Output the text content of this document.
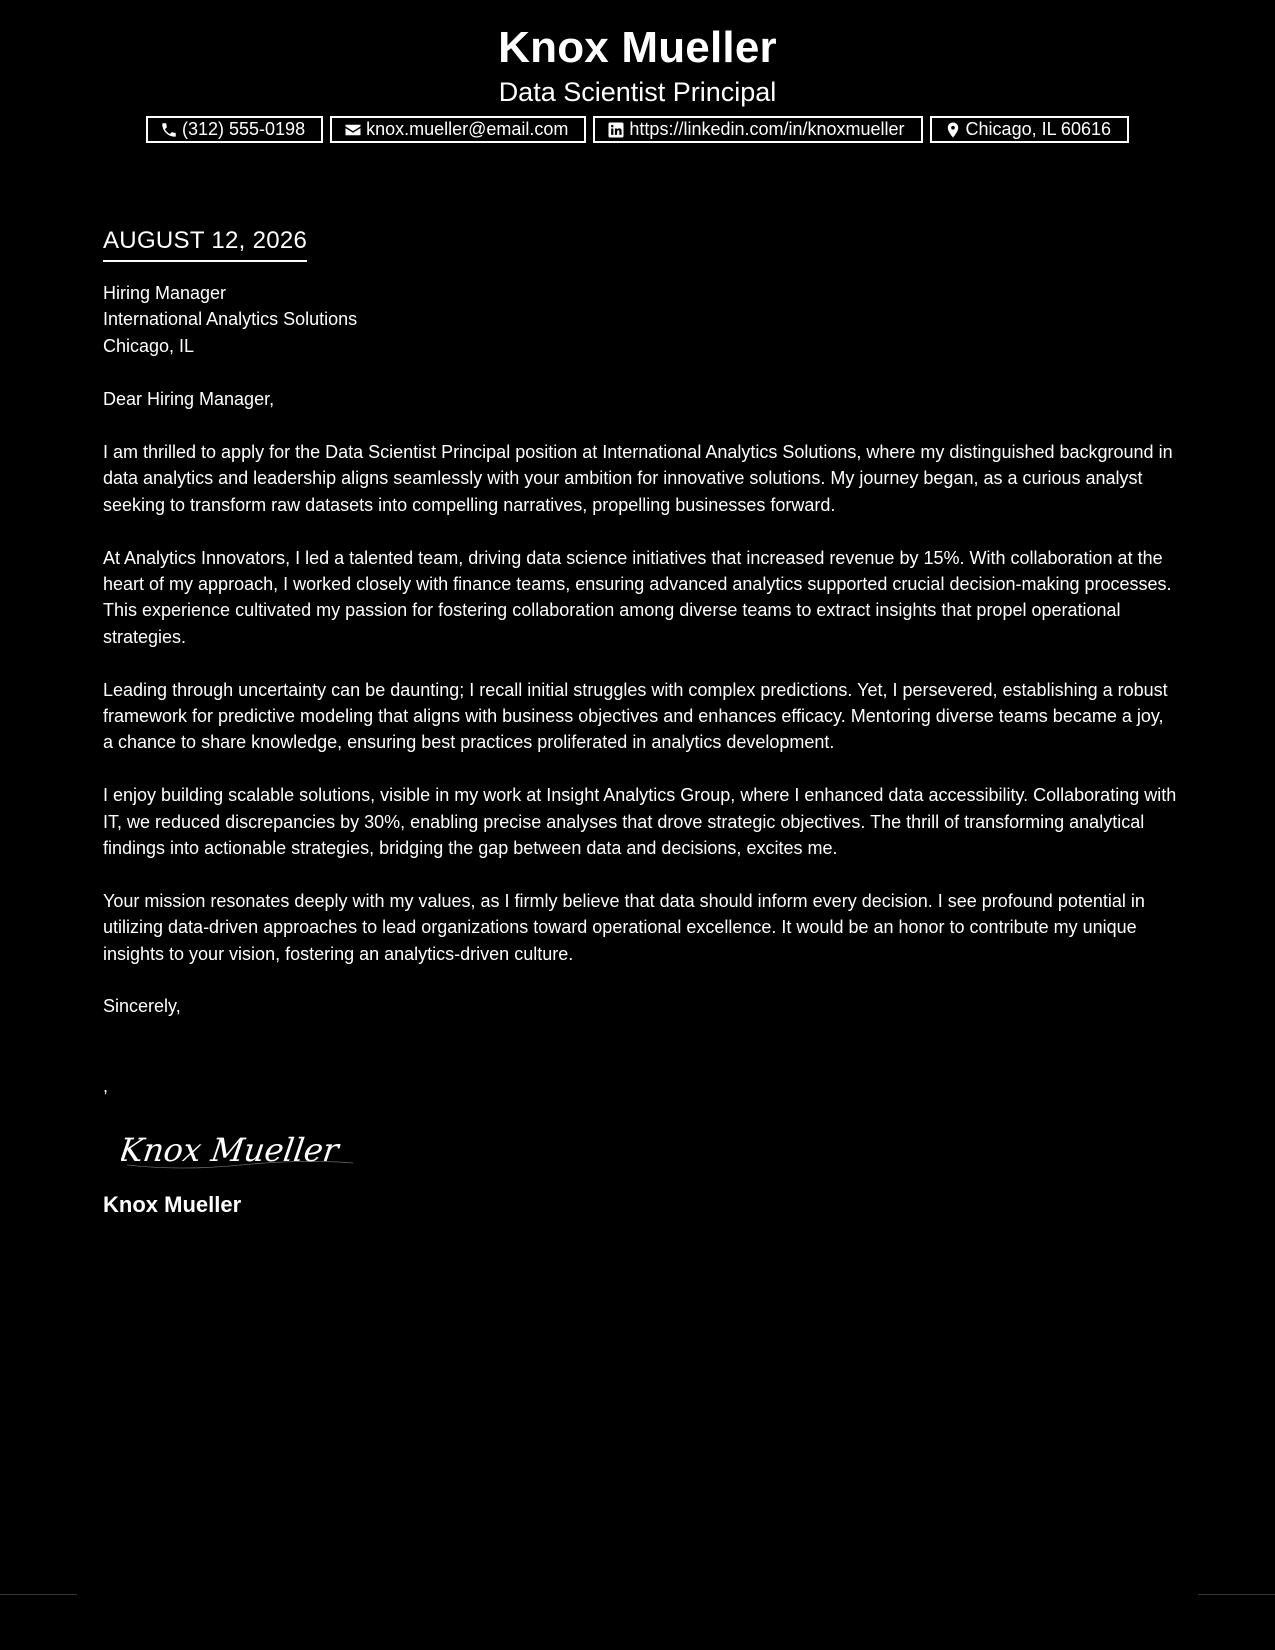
Knox Mueller
Data Scientist Principal
(312) 555-0198	knox.mueller@email.com	https://linkedin.com/in/knoxmueller	Chicago, IL 60616
AUGUST 12, 2026
Hiring Manager
International Analytics Solutions
Chicago, IL

Dear Hiring Manager,

I am thrilled to apply for the Data Scientist Principal position at International Analytics Solutions, where my distinguished background in data analytics and leadership aligns seamlessly with your ambition for innovative solutions. My journey began, as a curious analyst seeking to transform raw datasets into compelling narratives, propelling businesses forward.

At Analytics Innovators, I led a talented team, driving data science initiatives that increased revenue by 15%. With collaboration at the heart of my approach, I worked closely with finance teams, ensuring advanced analytics supported crucial decision-making processes. This experience cultivated my passion for fostering collaboration among diverse teams to extract insights that propel operational strategies.

Leading through uncertainty can be daunting; I recall initial struggles with complex predictions. Yet, I persevered, establishing a robust framework for predictive modeling that aligns with business objectives and enhances efficacy. Mentoring diverse teams became a joy, a chance to share knowledge, ensuring best practices proliferated in analytics development.

I enjoy building scalable solutions, visible in my work at Insight Analytics Group, where I enhanced data accessibility. Collaborating with IT, we reduced discrepancies by 30%, enabling precise analyses that drove strategic objectives. The thrill of transforming analytical findings into actionable strategies, bridging the gap between data and decisions, excites me.

Your mission resonates deeply with my values, as I firmly believe that data should inform every decision. I see profound potential in utilizing data-driven approaches to lead organizations toward operational excellence. It would be an honor to contribute my unique insights to your vision, fostering an analytics-driven culture.

Sincerely,

,

Knox Mueller
Knox Mueller
